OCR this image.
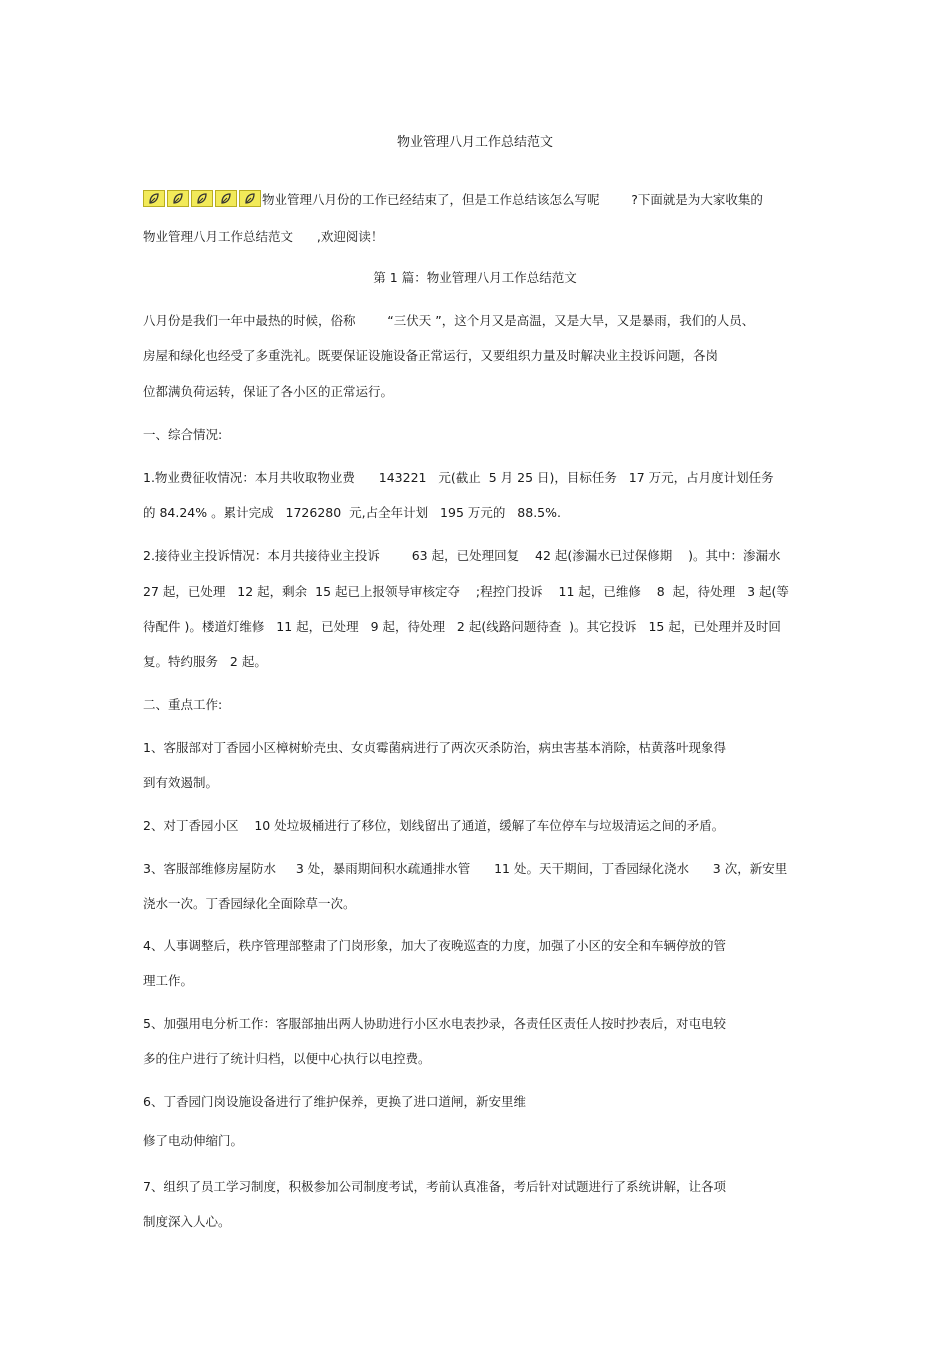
物业管理八月工作总结范文
物业管理八月份的工作已经结束了，但是工作总结该怎么写呢        ?下面就是为大家收集的
物业管理八月工作总结范文      ,欢迎阅读！
第 1 篇：物业管理八月工作总结范文
八月份是我们一年中最热的时候，俗称        “三伏天 ”，这个月又是高温，又是大旱，又是暴雨，我们的人员、
房屋和绿化也经受了多重洗礼。既要保证设施设备正常运行，又要组织力量及时解决业主投诉问题，各岗
位都满负荷运转，保证了各小区的正常运行。
一、综合情况:
1.物业费征收情况：本月共收取物业费      143221   元(截止  5 月 25 日)，目标任务   17 万元，占月度计划任务
的 84.24% 。累计完成   1726280  元,占全年计划   195 万元的   88.5%.
2.接待业主投诉情况：本月共接待业主投诉        63 起，已处理回复    42 起(渗漏水已过保修期    )。其中：渗漏水
27 起，已处理   12 起，剩余  15 起已上报领导审核定夺    ;程控门投诉    11 起，已维修    8  起，待处理   3 起(等
待配件 )。楼道灯维修   11 起，已处理   9 起，待处理   2 起(线路问题待查  )。其它投诉   15 起，已处理并及时回
复。特约服务   2 起。
二、重点工作:
1、客服部对丁香园小区樟树蚧壳虫、女贞霉菌病进行了两次灭杀防治，病虫害基本消除，枯黄落叶现象得
到有效遏制。
2、对丁香园小区    10 处垃圾桶进行了移位，划线留出了通道，缓解了车位停车与垃圾清运之间的矛盾。
3、客服部维修房屋防水     3 处，暴雨期间积水疏通排水管      11 处。天干期间，丁香园绿化浇水      3 次，新安里
浇水一次。丁香园绿化全面除草一次。
4、人事调整后，秩序管理部整肃了门岗形象，加大了夜晚巡查的力度，加强了小区的安全和车辆停放的管
理工作。
5、加强用电分析工作：客服部抽出两人协助进行小区水电表抄录，各责任区责任人按时抄表后，对屯电较
多的住户进行了统计归档，以便中心执行以电控费。
6、丁香园门岗设施设备进行了维护保养，更换了进口道闸，新安里维
修了电动伸缩门。
7、组织了员工学习制度，积极参加公司制度考试，考前认真准备，考后针对试题进行了系统讲解，让各项
制度深入人心。
